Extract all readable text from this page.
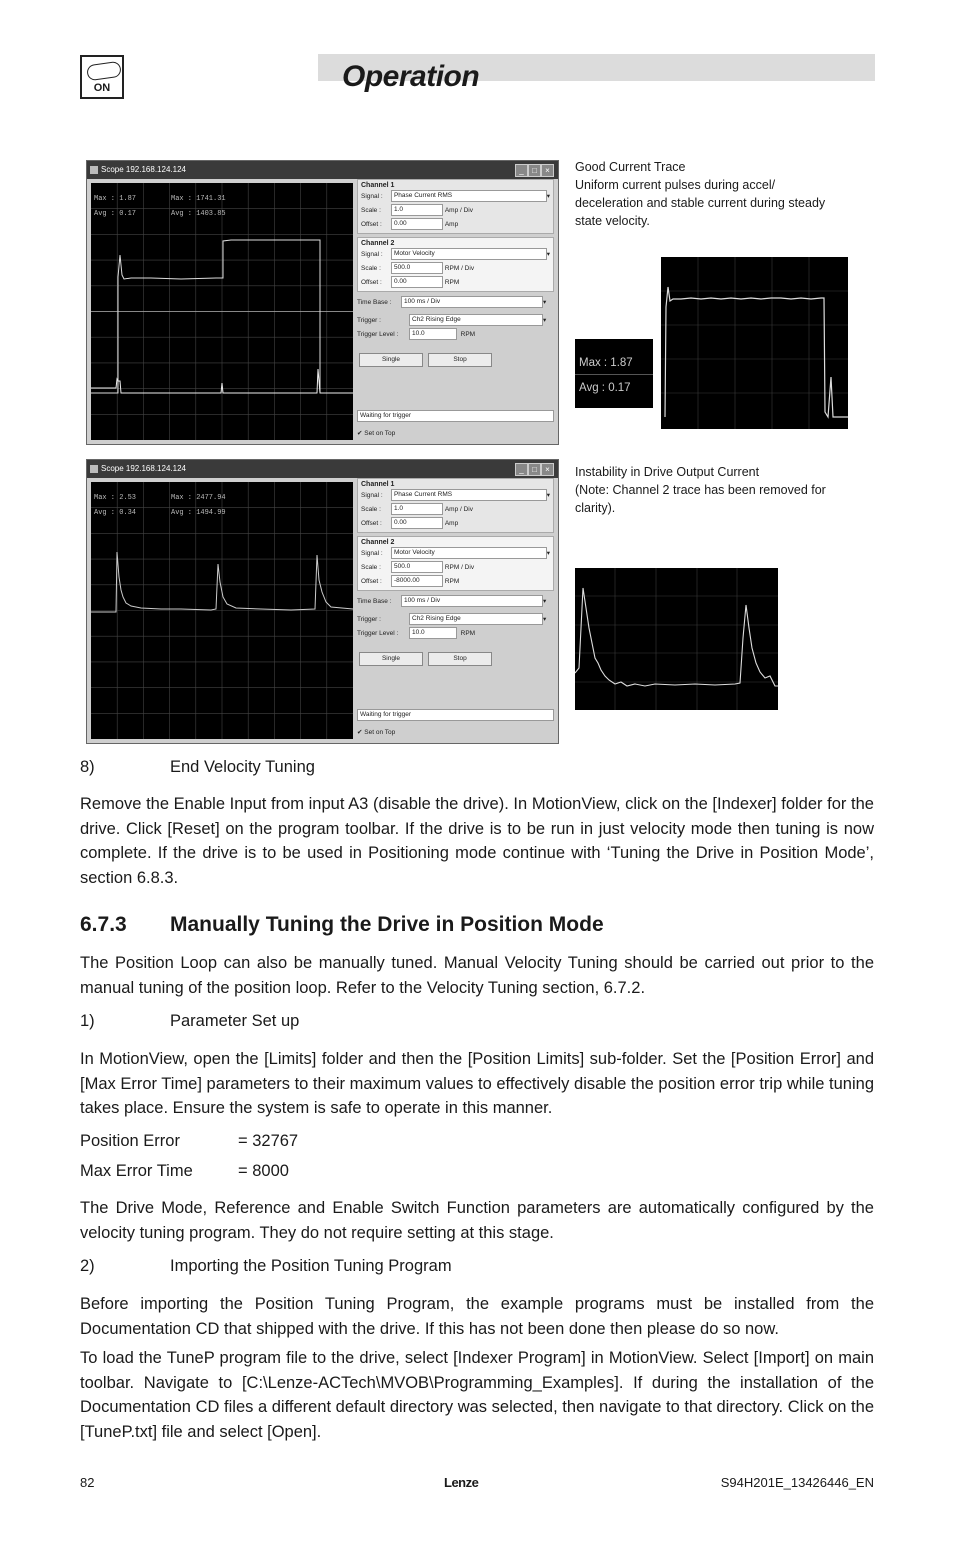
ON	Operation
Scope 192.168.124.124	_	□	×
Max : 1.87
Avg : 0.17
Max : 1741.31
Avg : 1403.85
Channel 1
Signal :	Phase Current RMS	▾
Scale :	1.0
	Amp / Div
Offset :	0.00
	Amp
Channel 2
Signal :	Motor Velocity	▾
Scale :	500.0
	RPM / Div
Offset :	0.00
	RPM
Time Base :	100 ms / Div	▾
Trigger :	Ch2 Rising Edge	▾
Trigger Level :	10.0
	RPM
Single	Stop
Waiting for trigger
✔ Set on Top
Good Current Trace
Uniform current pulses during accel/ deceleration and stable current during steady state velocity.
Max : 1.87
Avg : 0.17
Scope 192.168.124.124	_	□	×
Max : 2.53
Avg : 0.34
Max : 2477.94
Avg : 1494.99
Channel 1
Signal :	Phase Current RMS	▾
Scale :	1.0
	Amp / Div
Offset :	0.00
	Amp
Channel 2
Signal :	Motor Velocity	▾
Scale :	500.0
	RPM / Div
Offset :	-8000.00
	RPM
Time Base :	100 ms / Div	▾
Trigger :	Ch2 Rising Edge	▾
Trigger Level :	10.0
	RPM
Single	Stop
Waiting for trigger
✔ Set on Top
Instability in Drive Output Current
(Note: Channel 2 trace has been removed for clarity).
8)	End Velocity Tuning
Remove the Enable Input from input A3 (disable the drive). In MotionView, click on the [Indexer] folder for the drive. Click [Reset] on the program toolbar. If the drive is to be run in just velocity mode then tuning is now complete. If the drive is to be used in Positioning mode continue with ‘Tuning the Drive in Position Mode’, section 6.8.3.
6.7.3 Manually Tuning the Drive in Position Mode
The Position Loop can also be manually tuned. Manual Velocity Tuning should be carried out prior to the manual tuning of the position loop. Refer to the Velocity Tuning section, 6.7.2.
1)	Parameter Set up
In MotionView, open the [Limits] folder and then the [Position Limits] sub-folder. Set the [Position Error] and [Max Error Time] parameters to their maximum values to effectively disable the position error trip while tuning takes place. Ensure the system is safe to operate in this manner.
Position Error	= 32767
Max Error Time	= 8000
The Drive Mode, Reference and Enable Switch Function parameters are automatically configured by the velocity tuning program. They do not require setting at this stage.
2)	Importing the Position Tuning Program
Before importing the Position Tuning Program, the example programs must be installed from the Documentation CD that shipped with the drive. If this has not been done then please do so now.
To load the TuneP program file to the drive, select [Indexer Program] in MotionView. Select [Import] on main toolbar. Navigate to [C:\Lenze-ACTech\MVOB\Programming_Examples]. If during the installation of the Documentation CD files a different default directory was selected, then navigate to that directory. Click on the [TuneP.txt] file and select [Open].
82	Lenze	S94H201E_13426446_EN
